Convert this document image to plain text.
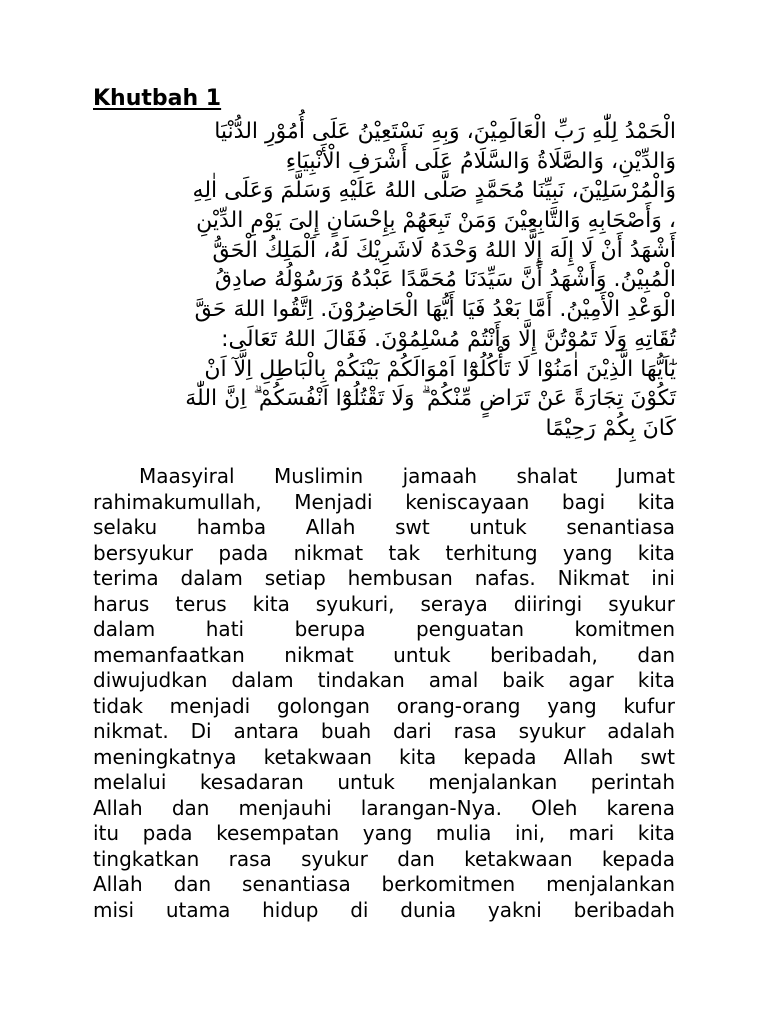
Khutbah 1
الْحَمْدُ لِلّٰهِ رَبِّ الْعَالَمِيْنَ، وَبِهِ نَسْتَعِيْنُ عَلَى أُمُوْرِ الدُّنْيَا
وَالدِّيْنِ، وَالصَّلَاةُ وَالسَّلَامُ عَلَى أَشْرَفِ الْأَنْبِيَاءِ
وَالْمُرْسَلِيْنَ، نَبِيِّنَا مُحَمَّدٍ صَلَّى اللهُ عَلَيْهِ وَسَلَّمَ وَعَلَى اٰلِهِ
، وَأَصْحَابِهِ وَالتَّابِعِيْنَ وَمَنْ تَبِعَهُمْ بِإِحْسَانٍ إِلىَ يَوْمِ الدِّيْنِ
أَشْهَدُ أَنْ لَا إِلَهَ إِلَّا اللهُ وَحْدَهُ لَاشَرِيْكَ لَهُ، اَلْمَلِكُ الْحَقُّ
الْمُبِيْنُ. وَأَشْهَدُ أَنَّ سَيِّدَنَا مُحَمَّدًا عَبْدُهُ وَرَسُوْلُهُ صادِقُ
الْوَعْدِ الْأَمِيْنُ. أَمَّا بَعْدُ فَيَا أَيُّهَا الْحَاضِرُوْنَ. اِتَّقُوا اللهَ حَقَّ
تُقَاتِهِ وَلَا تَمُوْتُنَّ إِلَّا وَأَنْتُمْ مُسْلِمُوْنَ. فَقَالَ اللهُ تَعَالَى:
يٰٓاَيُّهَا الَّذِيْنَ اٰمَنُوْا لَا تَأْكُلُوْٓا اَمْوَالَكُمْ بَيْنَكُمْ بِالْبَاطِلِ اِلَّآ اَنْ
تَكُوْنَ تِجَارَةً عَنْ تَرَاضٍ مِّنْكُمْ ۗ وَلَا تَقْتُلُوْٓا اَنْفُسَكُمْ ۗ اِنَّ اللّٰهَ
كَانَ بِكُمْ رَحِيْمًا
Maasyiral Muslimin jamaah shalat Jumat
rahimakumullah, Menjadi keniscayaan bagi kita
selaku hamba Allah swt untuk senantiasa
bersyukur pada nikmat tak terhitung yang kita
terima dalam setiap hembusan nafas. Nikmat ini
harus terus kita syukuri, seraya diiringi syukur
dalam hati berupa penguatan komitmen
memanfaatkan nikmat untuk beribadah, dan
diwujudkan dalam tindakan amal baik agar kita
tidak menjadi golongan orang-orang yang kufur
nikmat. Di antara buah dari rasa syukur adalah
meningkatnya ketakwaan kita kepada Allah swt
melalui kesadaran untuk menjalankan perintah
Allah dan menjauhi larangan-Nya. Oleh karena
itu pada kesempatan yang mulia ini, mari kita
tingkatkan rasa syukur dan ketakwaan kepada
Allah dan senantiasa berkomitmen menjalankan
misi utama hidup di dunia yakni beribadah
